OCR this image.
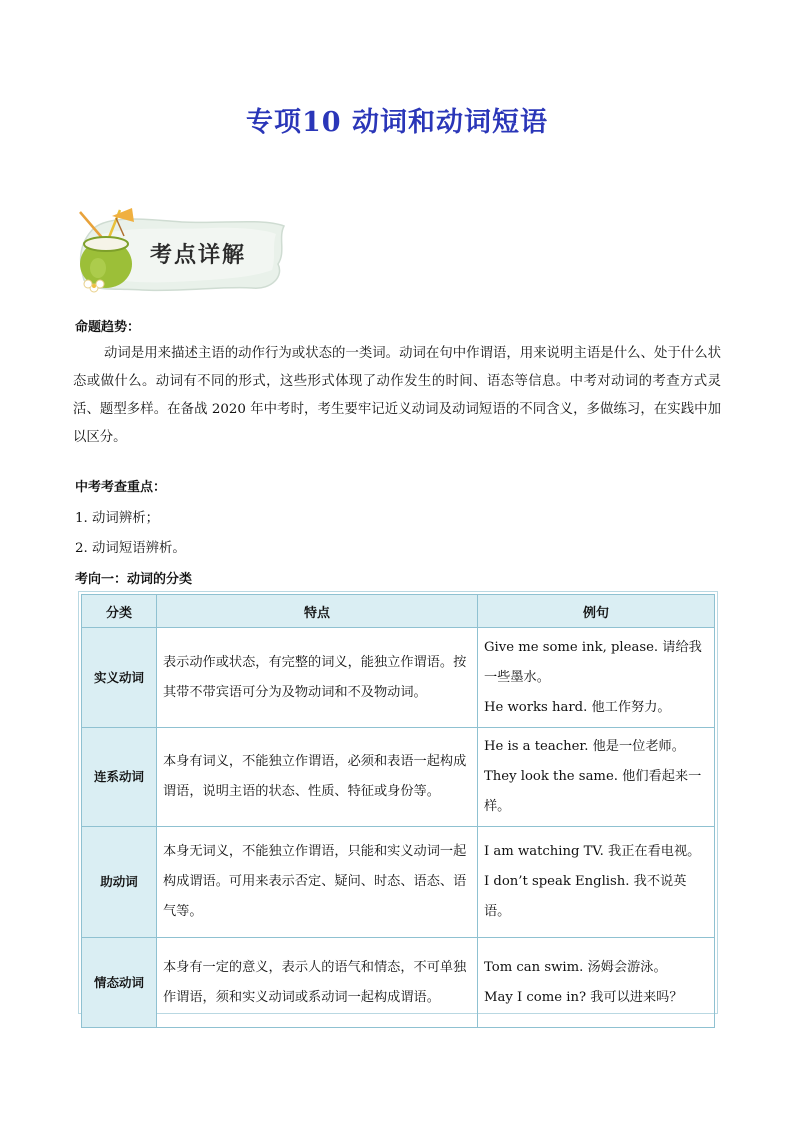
专项10 动词和动词短语
考点详解
命题趋势：
动词是用来描述主语的动作行为或状态的一类词。动词在句中作谓语，用来说明主语是什么、处于什么状态或做什么。动词有不同的形式，这些形式体现了动作发生的时间、语态等信息。中考对动词的考查方式灵活、题型多样。在备战 2020 年中考时，考生要牢记近义动词及动词短语的不同含义，多做练习，在实践中加以区分。
中考考查重点：
1. 动词辨析；
2. 动词短语辨析。
考向一：动词的分类
分类	特点	例句
实义动词	表示动作或状态，有完整的词义，能独立作谓语。按其带不带宾语可分为及物动词和不及物动词。	Give me some ink, please. 请给我一些墨水。
He works hard. 他工作努力。

连系动词	本身有词义，不能独立作谓语，必须和表语一起构成谓语，说明主语的状态、性质、特征或身份等。	He is a teacher. 他是一位老师。
They look the same. 他们看起来一样。

助动词	本身无词义，不能独立作谓语，只能和实义动词一起构成谓语。可用来表示否定、疑问、时态、语态、语气等。	I am watching TV. 我正在看电视。
I don’t speak English. 我不说英语。

情态动词	本身有一定的意义，表示人的语气和情态，不可单独作谓语，须和实义动词或系动词一起构成谓语。	Tom can swim. 汤姆会游泳。
May I come in? 我可以进来吗？
